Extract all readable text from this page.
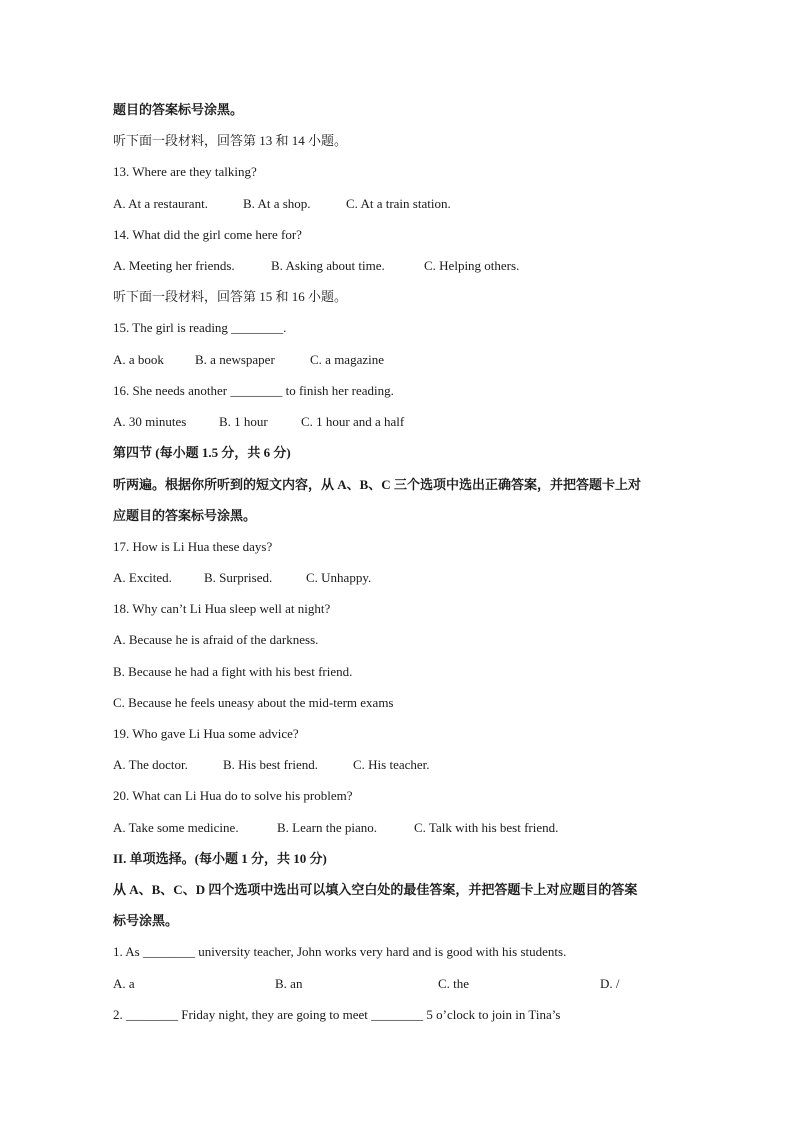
题目的答案标号涂黑。
听下面一段材料，回答第 13 和 14 小题。
13. Where are they talking?
A. At a restaurant.	B. At a shop.	C. At a train station.
14. What did the girl come here for?
A. Meeting her friends.	B. Asking about time.	C. Helping others.
听下面一段材料，回答第 15 和 16 小题。
15. The girl is reading ________.
A. a book B. a newspaper	C. a magazine
16. She needs another ________ to finish her reading.
A. 30 minutes	B. 1 hour	C. 1 hour and a half
第四节 (每小题 1.5 分，共 6 分)
听两遍。根据你所听到的短文内容，从 A、B、C 三个选项中选出正确答案，并把答题卡上对
应题目的答案标号涂黑。
17. How is Li Hua these days?
A. Excited. B. Surprised.	C. Unhappy.
18. Why can’t Li Hua sleep well at night?
A. Because he is afraid of the darkness.
B. Because he had a fight with his best friend.
C. Because he feels uneasy about the mid-term exams
19. Who gave Li Hua some advice?
A. The doctor.	B. His best friend.	C. His teacher.
20. What can Li Hua do to solve his problem?
A. Take some medicine.	B. Learn the piano.	C. Talk with his best friend.
II. 单项选择。(每小题 1 分，共 10 分)
从 A、B、C、D 四个选项中选出可以填入空白处的最佳答案，并把答题卡上对应题目的答案
标号涂黑。
1. As ________ university teacher, John works very hard and is good with his students.
A. a	B. an	C. the	D. /
2. ________ Friday night, they are going to meet ________ 5 o’clock to join in Tina’s
